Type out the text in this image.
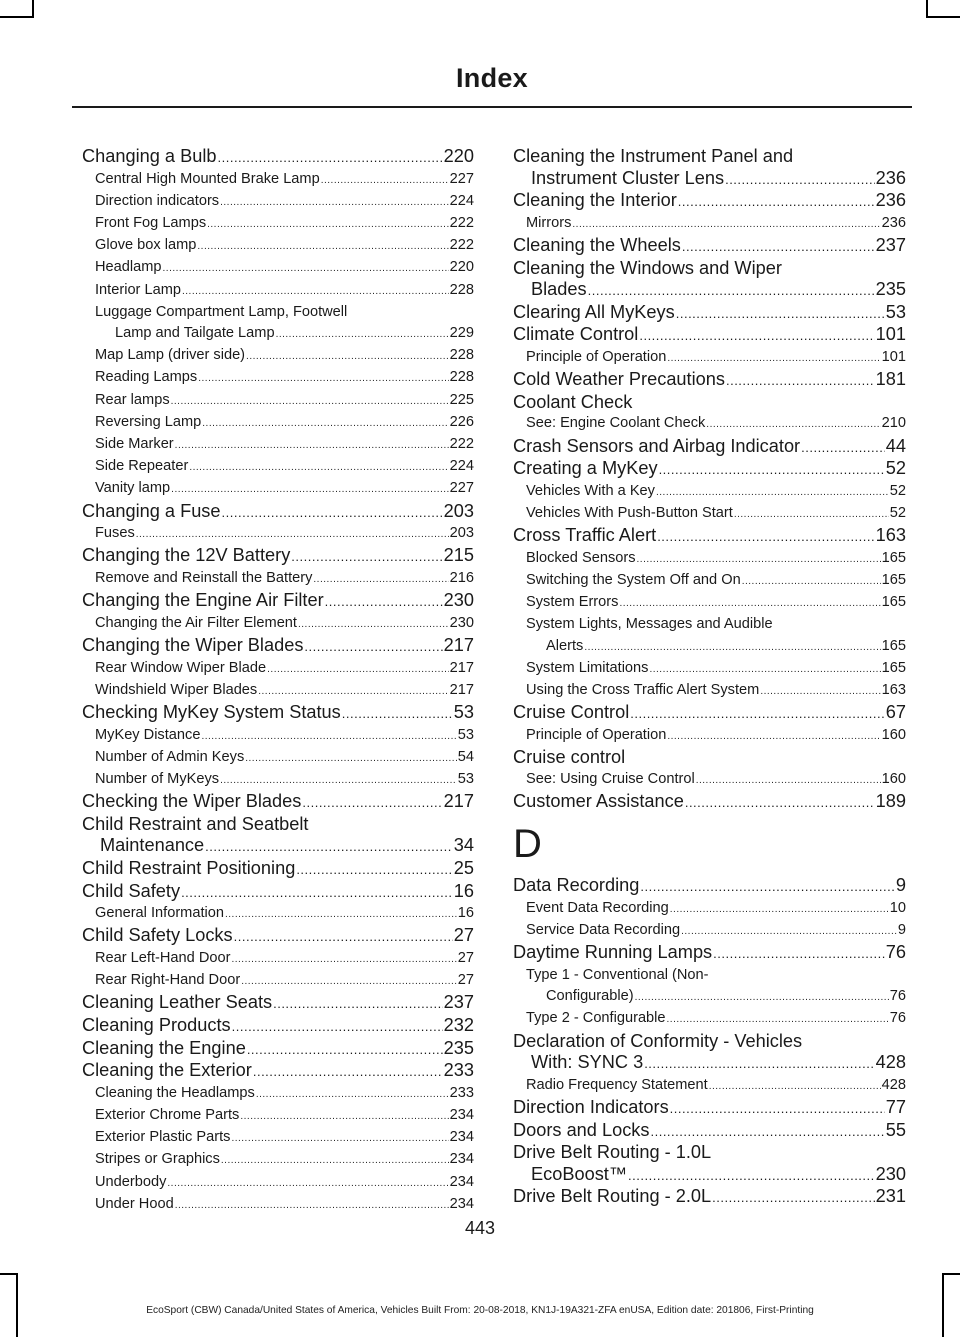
Index
Changing a Bulb .....	220
Central High Mounted Brake Lamp .....	227
Direction indicators .....	224
Front Fog Lamps .....	222
Glove box lamp .....	222
Headlamp .....	220
Interior Lamp .....	228
Luggage Compartment Lamp, Footwell
Lamp and Tailgate Lamp .....	229
Map Lamp (driver side) .....	228
Reading Lamps .....	228
Rear lamps .....	225
Reversing Lamp .....	226
Side Marker .....	222
Side Repeater .....	224
Vanity lamp .....	227
Changing a Fuse .....	203
Fuses .....	203
Changing the 12V Battery .....	215
Remove and Reinstall the Battery .....	216
Changing the Engine Air Filter .....	230
Changing the Air Filter Element .....	230
Changing the Wiper Blades .....	217
Rear Window Wiper Blade .....	217
Windshield Wiper Blades .....	217
Checking MyKey System Status .....	53
MyKey Distance .....	53
Number of Admin Keys .....	54
Number of MyKeys .....	53
Checking the Wiper Blades .....	217
Child Restraint and Seatbelt
Maintenance .....	34
Child Restraint Positioning .....	25
Child Safety .....	16
General Information .....	16
Child Safety Locks .....	27
Rear Left-Hand Door .....	27
Rear Right-Hand Door .....	27
Cleaning Leather Seats .....	237
Cleaning Products .....	232
Cleaning the Engine .....	235
Cleaning the Exterior .....	233
Cleaning the Headlamps .....	233
Exterior Chrome Parts .....	234
Exterior Plastic Parts .....	234
Stripes or Graphics .....	234
Underbody .....	234
Under Hood .....	234
Cleaning the Instrument Panel and
Instrument Cluster Lens .....	236
Cleaning the Interior .....	236
Mirrors .....	236
Cleaning the Wheels .....	237
Cleaning the Windows and Wiper
Blades .....	235
Clearing All MyKeys .....	53
Climate Control .....	101
Principle of Operation .....	101
Cold Weather Precautions .....	181
Coolant Check
See: Engine Coolant Check .....	210
Crash Sensors and Airbag Indicator .....	44
Creating a MyKey .....	52
Vehicles With a Key .....	52
Vehicles With Push-Button Start .....	52
Cross Traffic Alert .....	163
Blocked Sensors .....	165
Switching the System Off and On .....	165
System Errors .....	165
System Lights, Messages and Audible
Alerts .....	165
System Limitations .....	165
Using the Cross Traffic Alert System .....	163
Cruise Control .....	67
Principle of Operation .....	160
Cruise control
See: Using Cruise Control .....	160
Customer Assistance .....	189
D
Data Recording .....	9
Event Data Recording .....	10
Service Data Recording .....	9
Daytime Running Lamps .....	76
Type 1 - Conventional (Non-
Configurable) .....	76
Type 2 - Configurable .....	76
Declaration of Conformity - Vehicles
With: SYNC 3 .....	428
Radio Frequency Statement .....	428
Direction Indicators .....	77
Doors and Locks .....	55
Drive Belt Routing - 1.0L
EcoBoost™ .....	230
Drive Belt Routing - 2.0L .....	231
443
EcoSport (CBW) Canada/United States of America, Vehicles Built From: 20-08-2018, KN1J-19A321-ZFA enUSA, Edition date: 201806, First-Printing
